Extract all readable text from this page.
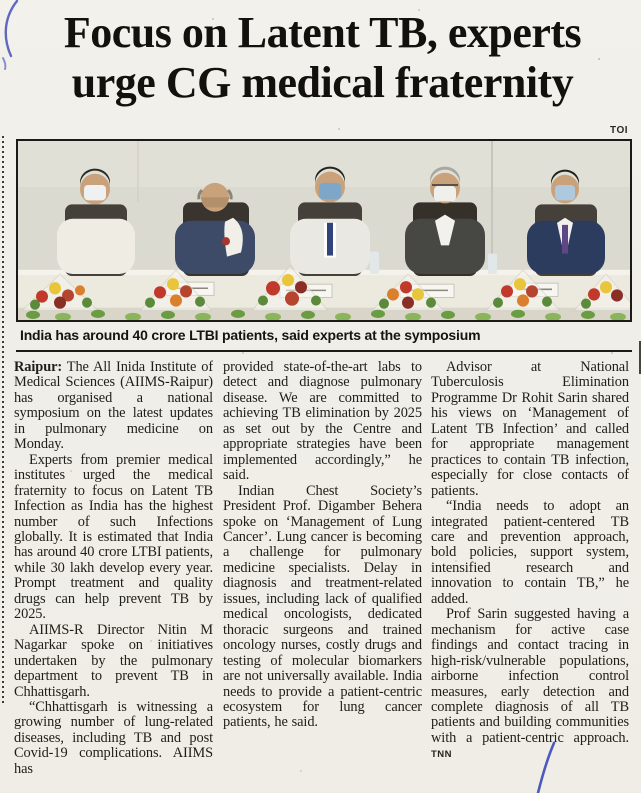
Focus on Latent TB, experts
urge CG medical fraternity
TOI
India has around 40 crore LTBI patients, said experts at the symposium

Raipur: The All Inida Institute of Medical Sciences (AIIMS-Raipur) has organised a national symposium on the latest updates in pulmonary medicine on Monday.

Experts from premier medical institutes urged the medical fraternity to focus on Latent TB Infection as India has the highest number of such Infections globally. It is estimated that India has around 40 crore LTBI patients, while 30 lakh develop every year. Prompt treatment and quality drugs can help prevent TB by 2025.

AIIMS-R Director Nitin M Nagarkar spoke on initiatives undertaken by the pulmonary department to prevent TB in Chhattisgarh.

“Chhattisgarh is witnessing a growing number of lung-related diseases, including TB and post Covid-19 complications. AIIMS has

provided state-of-the-art labs to detect and diagnose pulmonary disease. We are committed to achieving TB elimination by 2025 as set out by the Centre and appropriate strategies have been implemented accordingly,” he said.

Indian Chest Society’s President Prof. Digamber Behera spoke on ‘Management of Lung Cancer’. Lung cancer is becoming a challenge for pulmonary medicine specialists. Delay in diagnosis and treatment-related issues, including lack of qualified medical oncologists, dedicated thoracic surgeons and trained oncology nurses, costly drugs and testing of molecular biomarkers are not universally available. India needs to provide a patient-centric ecosystem for lung cancer patients, he said.

Advisor at National Tuberculosis Elimination Programme Dr Rohit Sarin shared his views on ‘Management of Latent TB Infection’ and called for appropriate management practices to contain TB infection, especially for close contacts of patients.

“India needs to adopt an integrated patient-centered TB care and prevention approach, bold policies, support system, intensified research and innovation to contain TB,” he added.

Prof Sarin suggested having a mechanism for active case findings and contact tracing in high-risk/vulnerable populations, airborne infection control measures, early detection and complete diagnosis of all TB patients and building communities with a patient-centric approach. TNN
